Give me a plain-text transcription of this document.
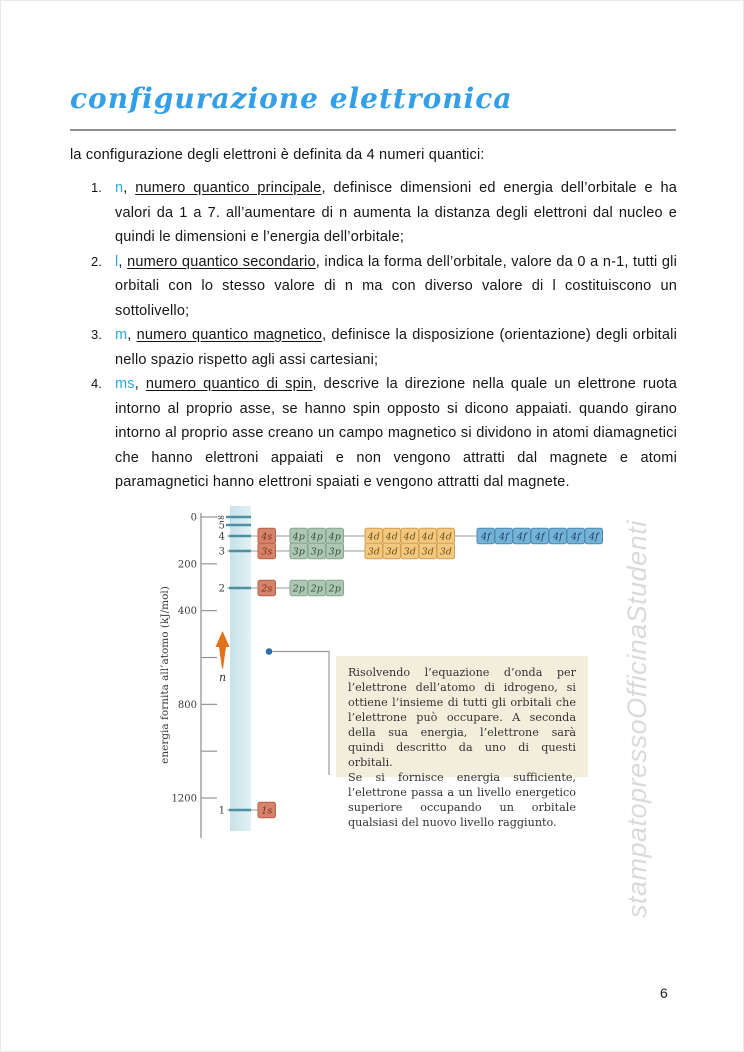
configurazione elettronica
la configurazione degli elettroni è definita da 4 numeri quantici:
1. n, numero quantico principale, definisce dimensioni ed energia dell’orbitale e ha valori da 1 a 7. all’aumentare di n aumenta la distanza degli elettroni dal nucleo e quindi le dimensioni e l’energia dell’orbitale;
2. l, numero quantico secondario, indica la forma dell’orbitale, valore da 0 a n-1, tutti gli orbitali con lo stesso valore di n ma con diverso valore di l costituiscono un sottolivello;
3. m, numero quantico magnetico, definisce la disposizione (orientazione) degli orbitali nello spazio rispetto agli assi cartesiani;
4. ms, numero quantico di spin, descrive la direzione nella quale un elettrone ruota intorno al proprio asse, se hanno spin opposto si dicono appaiati. quando girano intorno al proprio asse creano un campo magnetico si dividono in atomi diamagnetici che hanno elettroni appaiati e non vengono attratti dal magnete e atomi paramagnetici hanno elettroni spaiati e vengono attratti dal magnete.
0
200
400
800
1200
energia fornita all’atomo (kJ/mol)
∞
5
4	4s 4p 4p 4p	4d 4d 4d 4d 4d	4f 4f 4f 4f 4f 4f 4f
3	3s 3p 3p 3p	3d 3d 3d 3d 3d
2	2s 2p 2p 2p
1	1s
n	Risolvendo l’equazione d’onda per l’elettrone dell’atomo di idrogeno, si ottiene l’insieme di tutti gli orbitali che l’elettrone può occupare. A seconda della sua energia, l’elettrone sarà quindi descritto da uno di questi orbitali.

Se si fornisce energia sufficiente, l’elettrone passa a un livello energetico superiore occupando un orbitale qualsiasi del nuovo livello raggiunto.	stampatopressoOfficinaStudenti
6
